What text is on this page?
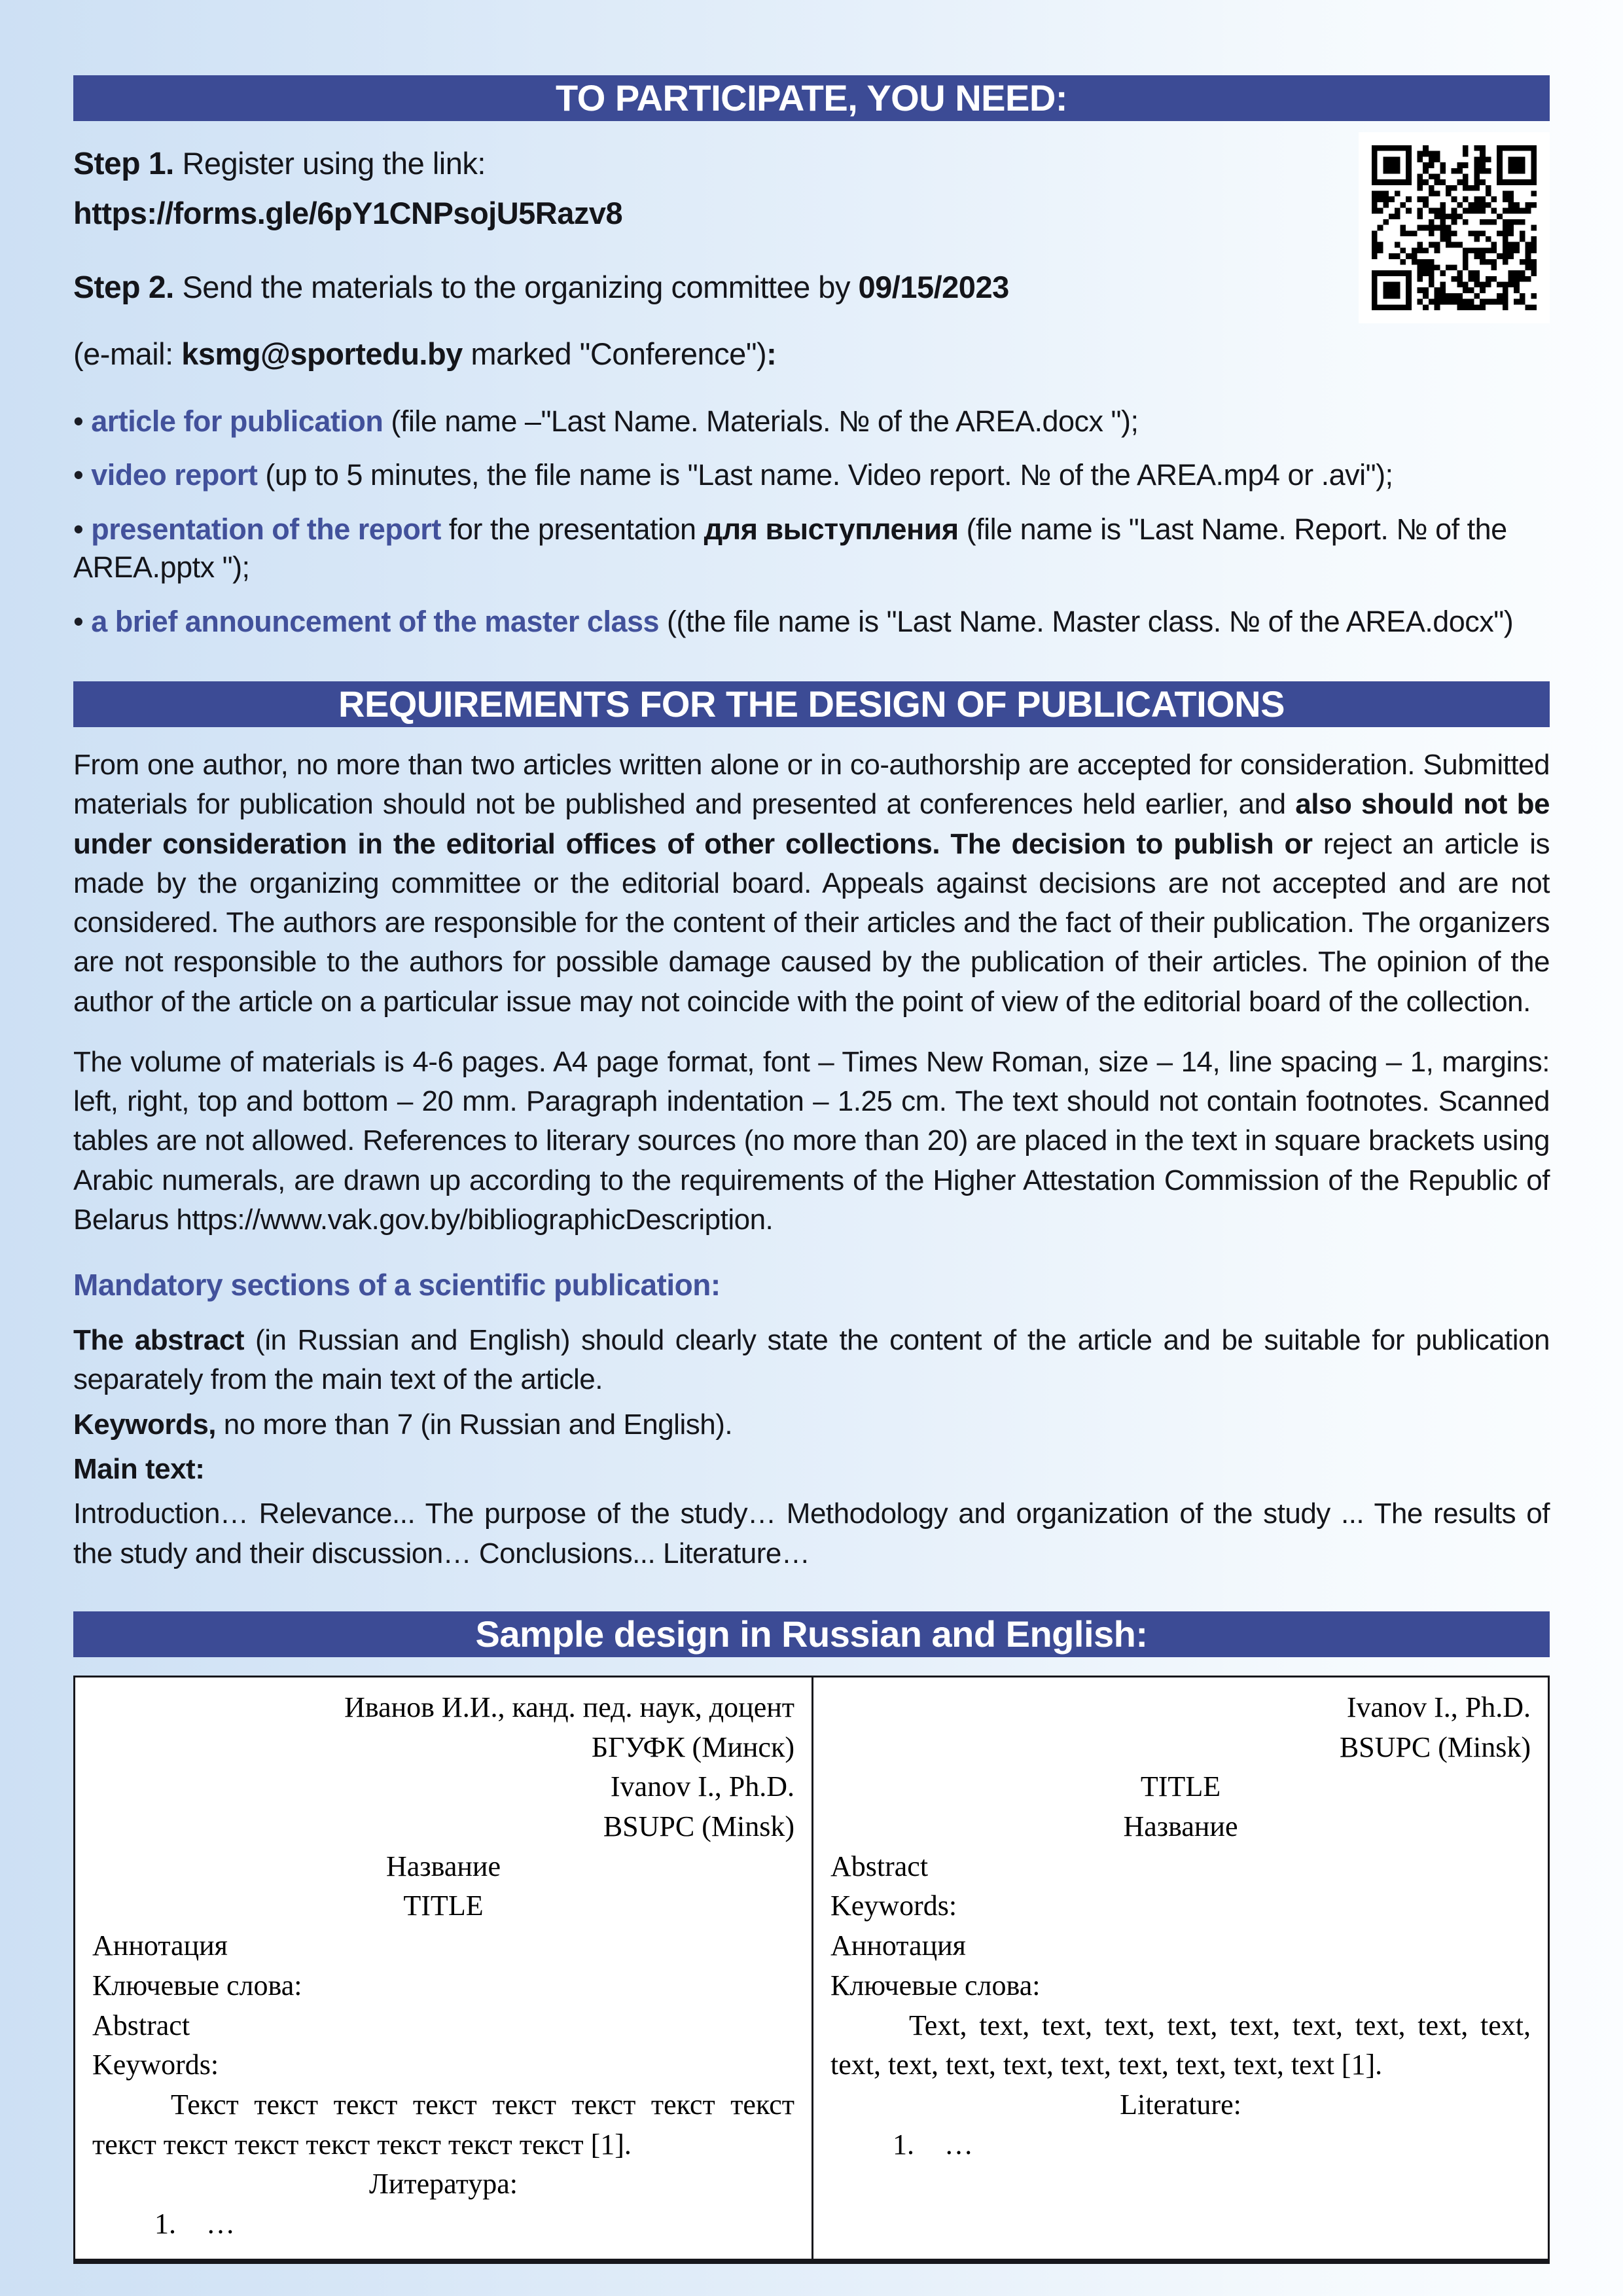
TO PARTICIPATE, YOU NEED:
Step 1. Register using the link:
https://forms.gle/6pY1CNPsojU5Razv8
Step 2. Send the materials to the organizing committee by 09/15/2023
(e-mail: ksmg@sportedu.by marked "Conference"):
• article for publication (file name –"Last Name. Materials. № of the AREA.docx ");
• video report (up to 5 minutes, the file name is "Last name. Video report. № of the AREA.mp4 or .avi");
• presentation of the report for the presentation для выступления (file name is "Last Name. Report. № of the AREA.pptx ");
• a brief announcement of the master class ((the file name is "Last Name. Master class. № of the AREA.docx")
REQUIREMENTS FOR THE DESIGN OF PUBLICATIONS

From one author, no more than two articles written alone or in co-authorship are accepted for consideration. Submitted materials for publication should not be published and presented at conferences held earlier, and also should not be under consideration in the editorial offices of other collections. The decision to publish or reject an article is made by the organizing committee or the editorial board. Appeals against decisions are not accepted and are not considered. The authors are responsible for the content of their articles and the fact of their publication. The organizers are not responsible to the authors for possible damage caused by the publication of their articles. The opinion of the author of the article on a particular issue may not coincide with the point of view of the editorial board of the collection.

The volume of materials is 4-6 pages. A4 page format, font – Times New Roman, size – 14, line spacing – 1, margins: left, right, top and bottom – 20 mm. Paragraph indentation – 1.25 cm. The text should not contain footnotes. Scanned tables are not allowed. References to literary sources (no more than 20) are placed in the text in square brackets using Arabic numerals, are drawn up according to the requirements of the Higher Attestation Commission of the Republic of Belarus https://www.vak.gov.by/bibliographicDescription.

Mandatory sections of a scientific publication:

The abstract (in Russian and English) should clearly state the content of the article and be suitable for publication separately from the main text of the article.

Keywords, no more than 7 (in Russian and English).

Main text:

Introduction… Relevance... The purpose of the study… Methodology and organization of the study ... The results of the study and their discussion… Conclusions... Literature…

Sample design in Russian and English:
Иванов И.И., канд. пед. наук, доцент
БГУФК (Минск)
Ivanov I., Ph.D.
BSUPC (Minsk)
Название
TITLE
Аннотация
Ключевые слова:
Abstract
Keywords:
Текст текст текст текст текст текст текст текст текст текст текст текст текст текст текст [1].
Литература:
1. …
Ivanov I., Ph.D.
BSUPC (Minsk)
TITLE
Название
Abstract
Keywords:
Аннотация
Ключевые слова:
Text, text, text, text, text, text, text, text, text, text, text, text, text, text, text, text, text, text, text [1].
Literature:
1. …
